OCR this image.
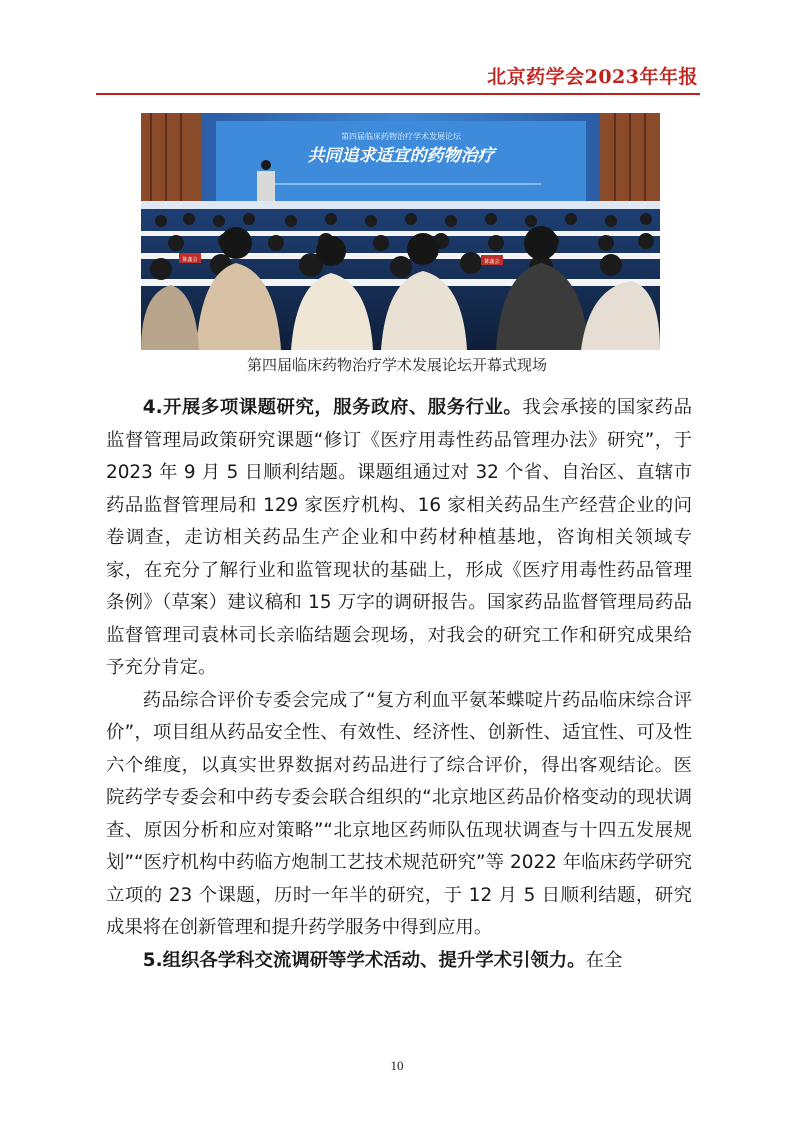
北京药学会2023年年报
第四届临床药物治疗学术发展论坛
共同追求适宜的药物治疗
陈鑫会	陈鑫会
第四届临床药物治疗学术发展论坛开幕式现场

4.开展多项课题研究，服务政府、服务行业。我会承接的国家药品监督管理局政策研究课题“修订《医疗用毒性药品管理办法》研究”，于 2023 年 9 月 5 日顺利结题。课题组通过对 32 个省、自治区、直辖市药品监督管理局和 129 家医疗机构、16 家相关药品生产经营企业的问卷调查，走访相关药品生产企业和中药材种植基地，咨询相关领域专家，在充分了解行业和监管现状的基础上，形成《医疗用毒性药品管理条例》（草案）建议稿和 15 万字的调研报告。国家药品监督管理局药品监督管理司袁林司长亲临结题会现场，对我会的研究工作和研究成果给予充分肯定。

药品综合评价专委会完成了“复方利血平氨苯蝶啶片药品临床综合评价”，项目组从药品安全性、有效性、经济性、创新性、适宜性、可及性六个维度，以真实世界数据对药品进行了综合评价，得出客观结论。医院药学专委会和中药专委会联合组织的“北京地区药品价格变动的现状调查、原因分析和应对策略”“北京地区药师队伍现状调查与十四五发展规划”“医疗机构中药临方炮制工艺技术规范研究”等 2022 年临床药学研究立项的 23 个课题，历时一年半的研究，于 12 月 5 日顺利结题，研究成果将在创新管理和提升药学服务中得到应用。

5.组织各学科交流调研等学术活动、提升学术引领力。在全

10
